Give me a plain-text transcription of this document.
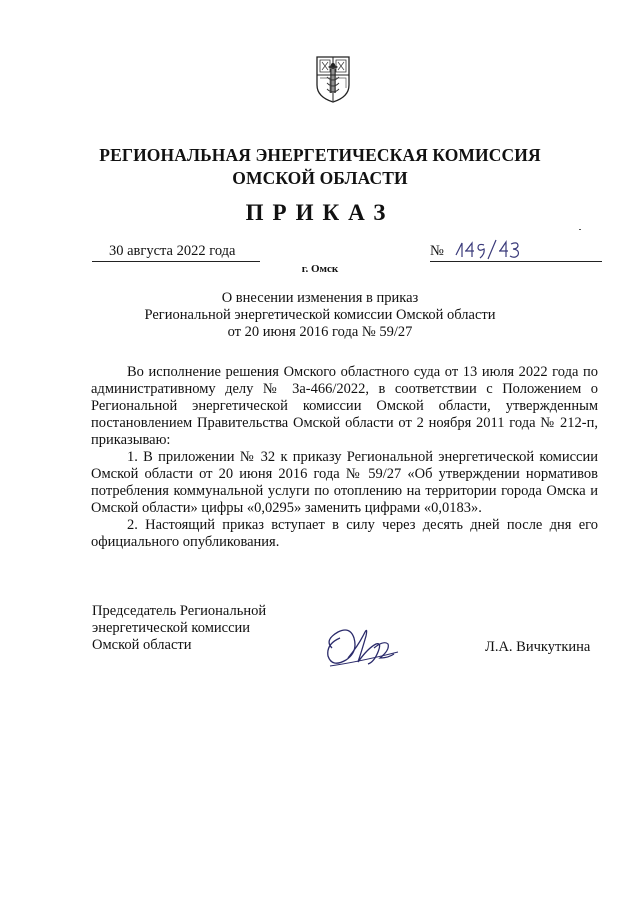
РЕГИОНАЛЬНАЯ ЭНЕРГЕТИЧЕСКАЯ КОМИССИЯ
ОМСКОЙ ОБЛАСТИ
ПРИКАЗ
30 августа 2022 года	№
г. Омск
О внесении изменения в приказ
Региональной энергетической комиссии Омской области
от 20 июня 2016 года № 59/27

Во исполнение решения Омского областного суда от 13 июля 2022 года по административному делу № 3а-466/2022, в соответствии с Положением о Региональной энергетической комиссии Омской области, утвержденным постановлением Правительства Омской области от 2 ноября 2011 года № 212-п, приказываю:

1. В приложении № 32 к приказу Региональной энергетической комиссии Омской области от 20 июня 2016 года № 59/27 «Об утверждении нормативов потребления коммунальной услуги по отоплению на территории города Омска и Омской области» цифры «0,0295» заменить цифрами «0,0183».

2. Настоящий приказ вступает в силу через десять дней после дня его официального опубликования.

Председатель Региональной
энергетической комиссии
Омской области	Л.А. Вичкуткина
